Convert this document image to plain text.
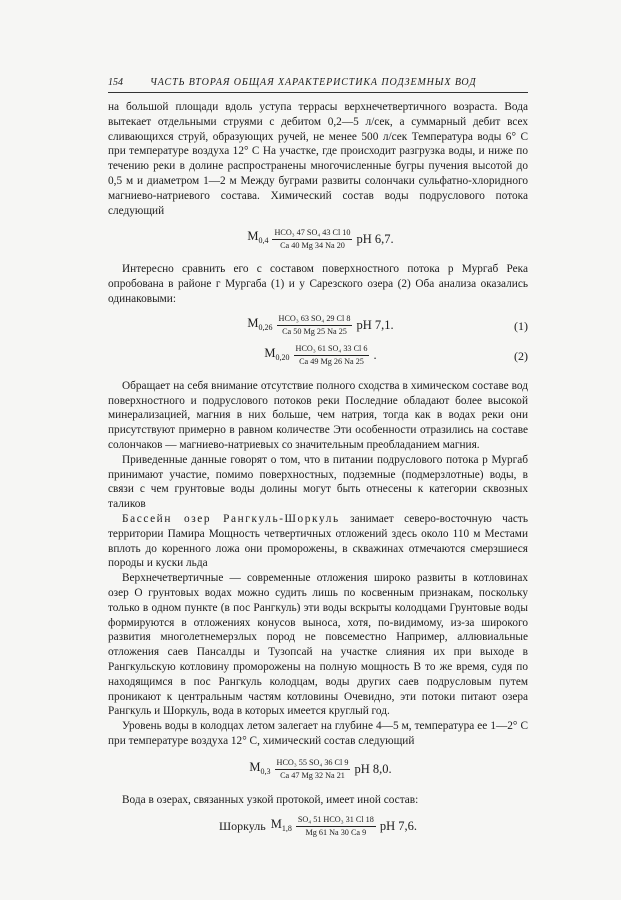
154	ЧАСТЬ ВТОРАЯ ОБЩАЯ ХАРАКТЕРИСТИКА ПОДЗЕМНЫХ ВОД

на большой площади вдоль уступа террасы верхнечетвертичного возраста. Вода вытекает отдельными струями с дебитом 0,2—5 л/сек, а суммарный дебит всех сливающихся струй, образующих ручей, не менее 500 л/сек Температура воды 6° С при температуре воздуха 12° С На участке, где происходит разгрузка воды, и ниже по течению реки в долине распространены многочисленные бугры пучения высотой до 0,5 м и диаметром 1—2 м Между буграми развиты солончаки сульфатно-хлоридного магниево-натриевого состава. Химический состав воды подруслового потока следующий

$M_{0,4} \frac{\text{HCO₃ 47 SO₄ 43 Cl 10}}{Ca 40 Mg 34 Na 20}$ pH 6,7.

Интересно сравнить его с составом поверхностного потока р Мургаб Река опробована в районе г Мургаба (1) и у Сарезского озера (2) Оба анализа оказались одинаковыми:

$M_{0,26} \frac{\text{HCO₃ 63 SO₄ 29 Cl 8}}{Ca 50 Mg 25 Na 25}$ pH 7,1.	(1)
$M_{0,20} \frac{\text{HCO₃ 61 SO₄ 33 Cl 6}}{Ca 49 Mg 26 Na 25}$ .	(2)

Обращает на себя внимание отсутствие полного сходства в химическом составе вод поверхностного и подруслового потоков реки Последние обладают более высокой минерализацией, магния в них больше, чем натрия, тогда как в водах реки они присутствуют примерно в равном количестве Эти особенности отразились на составе солончаков — магниево-натриевых со значительным преобладанием магния.

Приведенные данные говорят о том, что в питании подруслового потока р Мургаб принимают участие, помимо поверхностных, подземные (подмерзлотные) воды, в связи с чем грунтовые воды долины могут быть отнесены к категории сквозных таликов

Бассейн озер Рангкуль-Шоркуль занимает северо-восточную часть территории Памира Мощность четвертичных отложений здесь около 110 м Местами вплоть до коренного ложа они проморожены, в скважинах отмечаются смерзшиеся породы и куски льда

Верхнечетвертичные — современные отложения широко развиты в котловинах озер О грунтовых водах можно судить лишь по косвенным признакам, поскольку только в одном пункте (в пос Рангкуль) эти воды вскрыты колодцами Грунтовые воды формируются в отложениях конусов выноса, хотя, по-видимому, из-за широкого развития многолетнемерзлых пород не повсеместно Например, аллювиальные отложения саев Пансалды и Тузопсай на участке слияния их при выходе в Рангкульскую котловину проморожены на полную мощность В то же время, судя по находящимся в пос Рангкуль колодцам, воды других саев подрусловым путем проникают к центральным частям котловины Очевидно, эти потоки питают озера Рангкуль и Шоркуль, вода в которых имеется круглый год.

Уровень воды в колодцах летом залегает на глубине 4—5 м, температура ее 1—2° С при температуре воздуха 12° С, химический состав следующий

$M_{0,3} \frac{\text{HCO₃ 55 SO₄ 36 Cl 9}}{Ca 47 Mg 32 Na 21}$ pH 8,0.

Вода в озерах, связанных узкой протокой, имеет иной состав:

Шоркуль $M_{1,8} \frac{\text{SO₄ 51 HCO₃ 31 Cl 18}}{Mg 61 Na 30 Ca 9}$ pH 7,6.
